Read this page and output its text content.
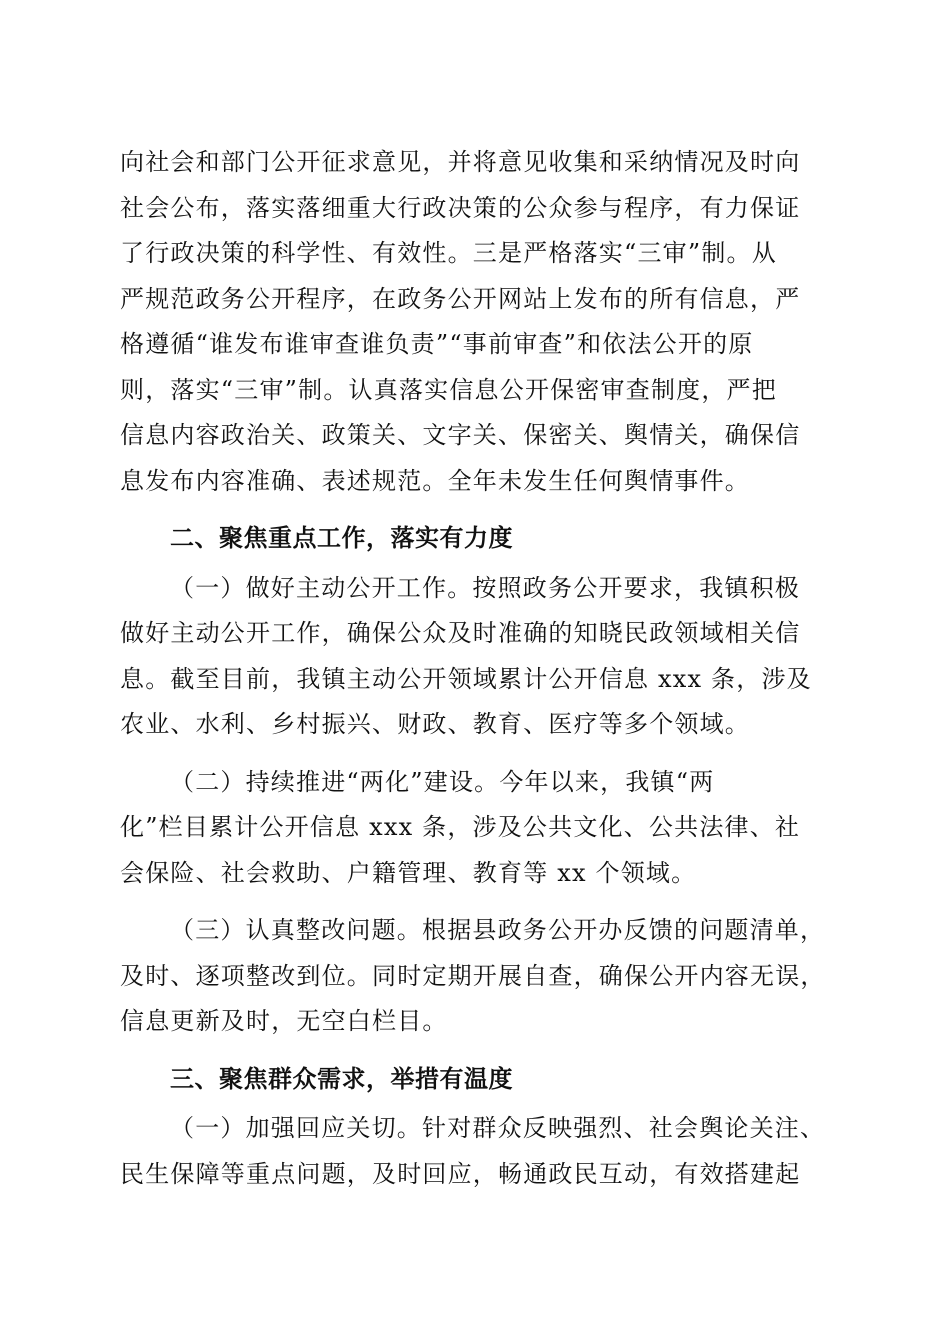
向社会和部门公开征求意见，并将意见收集和采纳情况及时向
社会公布，落实落细重大行政决策的公众参与程序，有力保证
了行政决策的科学性、有效性。三是严格落实“三审”制。从
严规范政务公开程序，在政务公开网站上发布的所有信息，严
格遵循“谁发布谁审查谁负责”“事前审查”和依法公开的原
则，落实“三审”制。认真落实信息公开保密审查制度，严把
信息内容政治关、政策关、文字关、保密关、舆情关，确保信
息发布内容准确、表述规范。全年未发生任何舆情事件。
二、聚焦重点工作，落实有力度
（一）做好主动公开工作。按照政务公开要求，我镇积极
做好主动公开工作，确保公众及时准确的知晓民政领域相关信
息。截至目前，我镇主动公开领域累计公开信息 xxx 条，涉及
农业、水利、乡村振兴、财政、教育、医疗等多个领域。
（二）持续推进“两化”建设。今年以来，我镇“两
化”栏目累计公开信息 xxx 条，涉及公共文化、公共法律、社
会保险、社会救助、户籍管理、教育等 xx 个领域。
（三）认真整改问题。根据县政务公开办反馈的问题清单，
及时、逐项整改到位。同时定期开展自查，确保公开内容无误，
信息更新及时，无空白栏目。
三、聚焦群众需求，举措有温度
（一）加强回应关切。针对群众反映强烈、社会舆论关注、
民生保障等重点问题，及时回应，畅通政民互动，有效搭建起
